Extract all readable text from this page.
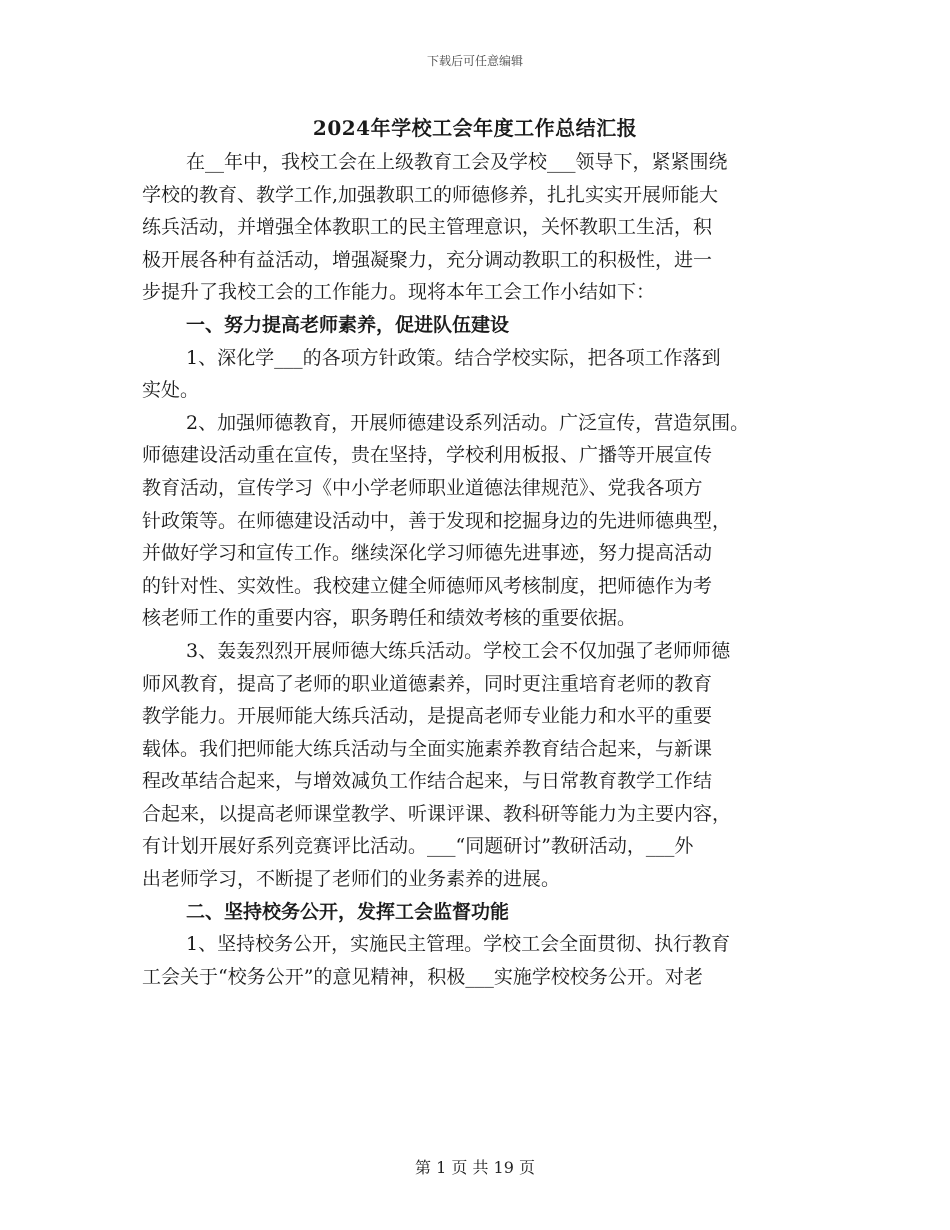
下载后可任意编辑
2024年学校工会年度工作总结汇报
在__年中，我校工会在上级教育工会及学校___领导下，紧紧围绕
学校的教育、教学工作,加强教职工的师德修养，扎扎实实开展师能大
练兵活动，并增强全体教职工的民主管理意识，关怀教职工生活，积
极开展各种有益活动，增强凝聚力，充分调动教职工的积极性，进一
步提升了我校工会的工作能力。现将本年工会工作小结如下：
一、努力提高老师素养，促进队伍建设
1、深化学___的各项方针政策。结合学校实际，把各项工作落到
实处。
2、加强师德教育，开展师德建设系列活动。广泛宣传，营造氛围。
师德建设活动重在宣传，贵在坚持，学校利用板报、广播等开展宣传
教育活动，宣传学习《中小学老师职业道德法律规范》、党我各项方
针政策等。在师德建设活动中，善于发现和挖掘身边的先进师德典型，
并做好学习和宣传工作。继续深化学习师德先进事迹，努力提高活动
的针对性、实效性。我校建立健全师德师风考核制度，把师德作为考
核老师工作的重要内容，职务聘任和绩效考核的重要依据。
3、轰轰烈烈开展师德大练兵活动。学校工会不仅加强了老师师德
师风教育，提高了老师的职业道德素养，同时更注重培育老师的教育
教学能力。开展师能大练兵活动，是提高老师专业能力和水平的重要
载体。我们把师能大练兵活动与全面实施素养教育结合起来，与新课
程改革结合起来，与增效减负工作结合起来，与日常教育教学工作结
合起来，以提高老师课堂教学、听课评课、教科研等能力为主要内容，
有计划开展好系列竞赛评比活动。___“同题研讨”教研活动，___外
出老师学习，不断提了老师们的业务素养的进展。
二、坚持校务公开，发挥工会监督功能
1、坚持校务公开，实施民主管理。学校工会全面贯彻、执行教育
工会关于“校务公开”的意见精神，积极___实施学校校务公开。对老
第 1 页 共 19 页
